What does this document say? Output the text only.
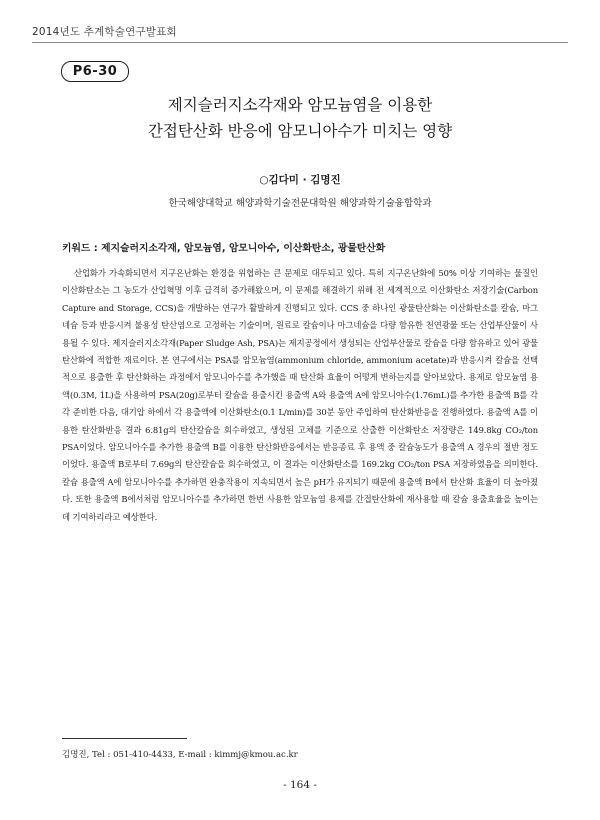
2014년도 추계학술연구발표회
P6-30
제지슬러지소각재와 암모늄염을 이용한
간접탄산화 반응에 암모니아수가 미치는 영향
○김다미 · 김명진
한국해양대학교 해양과학기술전문대학원 해양과학기술융합학과
키워드 : 제지슬러지소각재, 암모늄염, 암모니아수, 이산화탄소, 광물탄산화

산업화가 가속화되면서 지구온난화는 환경을 위협하는 큰 문제로 대두되고 있다. 특히 지구온난화에 50% 이상 기여하는 물질인 이산화탄소는 그 농도가 산업혁명 이후 급격히 증가해왔으며, 이 문제를 해결하기 위해 전 세계적으로 이산화탄소 저장기술(Carbon Capture and Storage, CCS)을 개발하는 연구가 활발하게 진행되고 있다. CCS 중 하나인 광물탄산화는 이산화탄소를 칼슘, 마그네슘 등과 반응시켜 불용성 탄산염으로 고정하는 기술이며, 원료로 칼슘이나 마그네슘을 다량 함유한 천연광물 또는 산업부산물이 사용될 수 있다. 제지슬러지소각재(Paper Sludge Ash, PSA)는 제지공정에서 생성되는 산업부산물로 칼슘을 다량 함유하고 있어 광물탄산화에 적합한 재료이다. 본 연구에서는 PSA를 암모늄염(ammonium chloride, ammonium acetate)과 반응시켜 칼슘을 선택적으로 용출한 후 탄산화하는 과정에서 암모니아수를 추가했을 때 탄산화 효율이 어떻게 변하는지를 알아보았다. 용제로 암모늄염 용액(0.3M, 1L)을 사용하여 PSA(20g)로부터 칼슘을 용출시킨 용출액 A와 용출액 A에 암모니아수(1.76mL)를 추가한 용출액 B를 각각 준비한 다음, 대기압 하에서 각 용출액에 이산화탄소(0.1 L/min)를 30분 동안 주입하여 탄산화반응을 진행하였다. 용출액 A를 이용한 탄산화반응 결과 6.81g의 탄산칼슘을 회수하였고, 생성된 고체를 기준으로 산출한 이산화탄소 저장량은 149.8kg CO₂/ton PSA이었다. 암모니아수를 추가한 용출액 B를 이용한 탄산화반응에서는 반응종료 후 용액 중 칼슘농도가 용출액 A 경우의 절반 정도이었다. 용출액 B로부터 7.69g의 탄산칼슘을 회수하였고, 이 결과는 이산화탄소를 169.2kg CO₂/ton PSA 저장하였음을 의미한다. 칼슘 용출액 A에 암모니아수를 추가하면 완충작용이 지속되면서 높은 pH가 유지되기 때문에 용출액 B에서 탄산화 효율이 더 높아졌다. 또한 용출액 B에서처럼 암모니아수를 추가하면 한번 사용한 암모늄염 용제를 간접탄산화에 재사용할 때 칼슘 용출효율을 높이는데 기여하리라고 예상한다.

김명진, Tel : 051-410-4433, E-mail : kimmj@kmou.ac.kr
- 164 -
